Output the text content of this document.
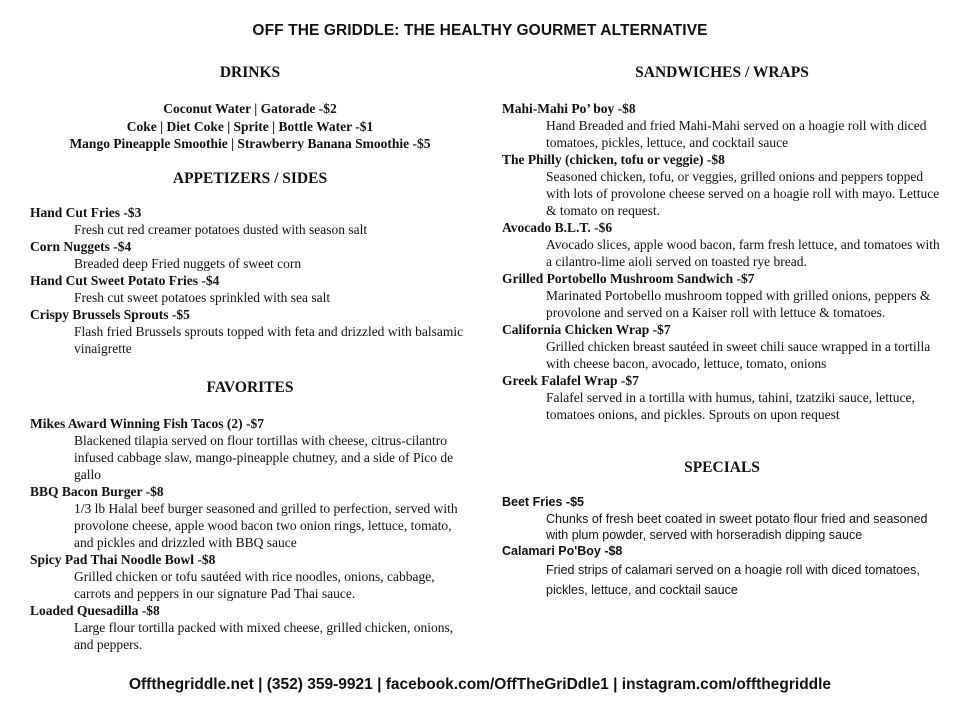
OFF THE GRIDDLE: THE HEALTHY GOURMET ALTERNATIVE
DRINKS
Coconut Water | Gatorade -$2
Coke | Diet Coke | Sprite | Bottle Water -$1
Mango Pineapple Smoothie | Strawberry Banana Smoothie -$5
APPETIZERS / SIDES
Hand Cut Fries -$3
Fresh cut red creamer potatoes dusted with season salt
Corn Nuggets -$4
Breaded deep Fried nuggets of sweet corn
Hand Cut Sweet Potato Fries -$4
Fresh cut sweet potatoes sprinkled with sea salt
Crispy Brussels Sprouts -$5
Flash fried Brussels sprouts topped with feta and drizzled with balsamic vinaigrette
FAVORITES
Mikes Award Winning Fish Tacos (2) -$7
Blackened tilapia served on flour tortillas with cheese, citrus-cilantro infused cabbage slaw, mango-pineapple chutney, and a side of Pico de gallo
BBQ Bacon Burger -$8
1/3 lb Halal beef burger seasoned and grilled to perfection, served with provolone cheese, apple wood bacon two onion rings, lettuce, tomato, and pickles and drizzled with BBQ sauce
Spicy Pad Thai Noodle Bowl -$8
Grilled chicken or tofu sautéed with rice noodles, onions, cabbage, carrots and peppers in our signature Pad Thai sauce.
Loaded Quesadilla -$8
Large flour tortilla packed with mixed cheese, grilled chicken, onions, and peppers.
SANDWICHES / WRAPS
Mahi-Mahi Po’ boy -$8
Hand Breaded and fried Mahi-Mahi served on a hoagie roll with diced tomatoes, pickles, lettuce, and cocktail sauce
The Philly (chicken, tofu or veggie) -$8
Seasoned chicken, tofu, or veggies, grilled onions and peppers topped with lots of provolone cheese served on a hoagie roll with mayo. Lettuce & tomato on request.
Avocado B.L.T. -$6
Avocado slices, apple wood bacon, farm fresh lettuce, and tomatoes with a cilantro-lime aioli served on toasted rye bread.
Grilled Portobello Mushroom Sandwich -$7
Marinated Portobello mushroom topped with grilled onions, peppers & provolone and served on a Kaiser roll with lettuce & tomatoes.
California Chicken Wrap -$7
Grilled chicken breast sautéed in sweet chili sauce wrapped in a tortilla with cheese bacon, avocado, lettuce, tomato, onions
Greek Falafel Wrap -$7
Falafel served in a tortilla with humus, tahini, tzatziki sauce, lettuce, tomatoes onions, and pickles. Sprouts on upon request
SPECIALS
Beet Fries -$5
Chunks of fresh beet coated in sweet potato flour fried and seasoned with plum powder, served with horseradish dipping sauce
Calamari Po'Boy -$8
Fried strips of calamari served on a hoagie roll with diced tomatoes, pickles, lettuce, and cocktail sauce
Offthegriddle.net | (352) 359-9921 | facebook.com/OffTheGriDdle1 | instagram.com/offthegriddle
